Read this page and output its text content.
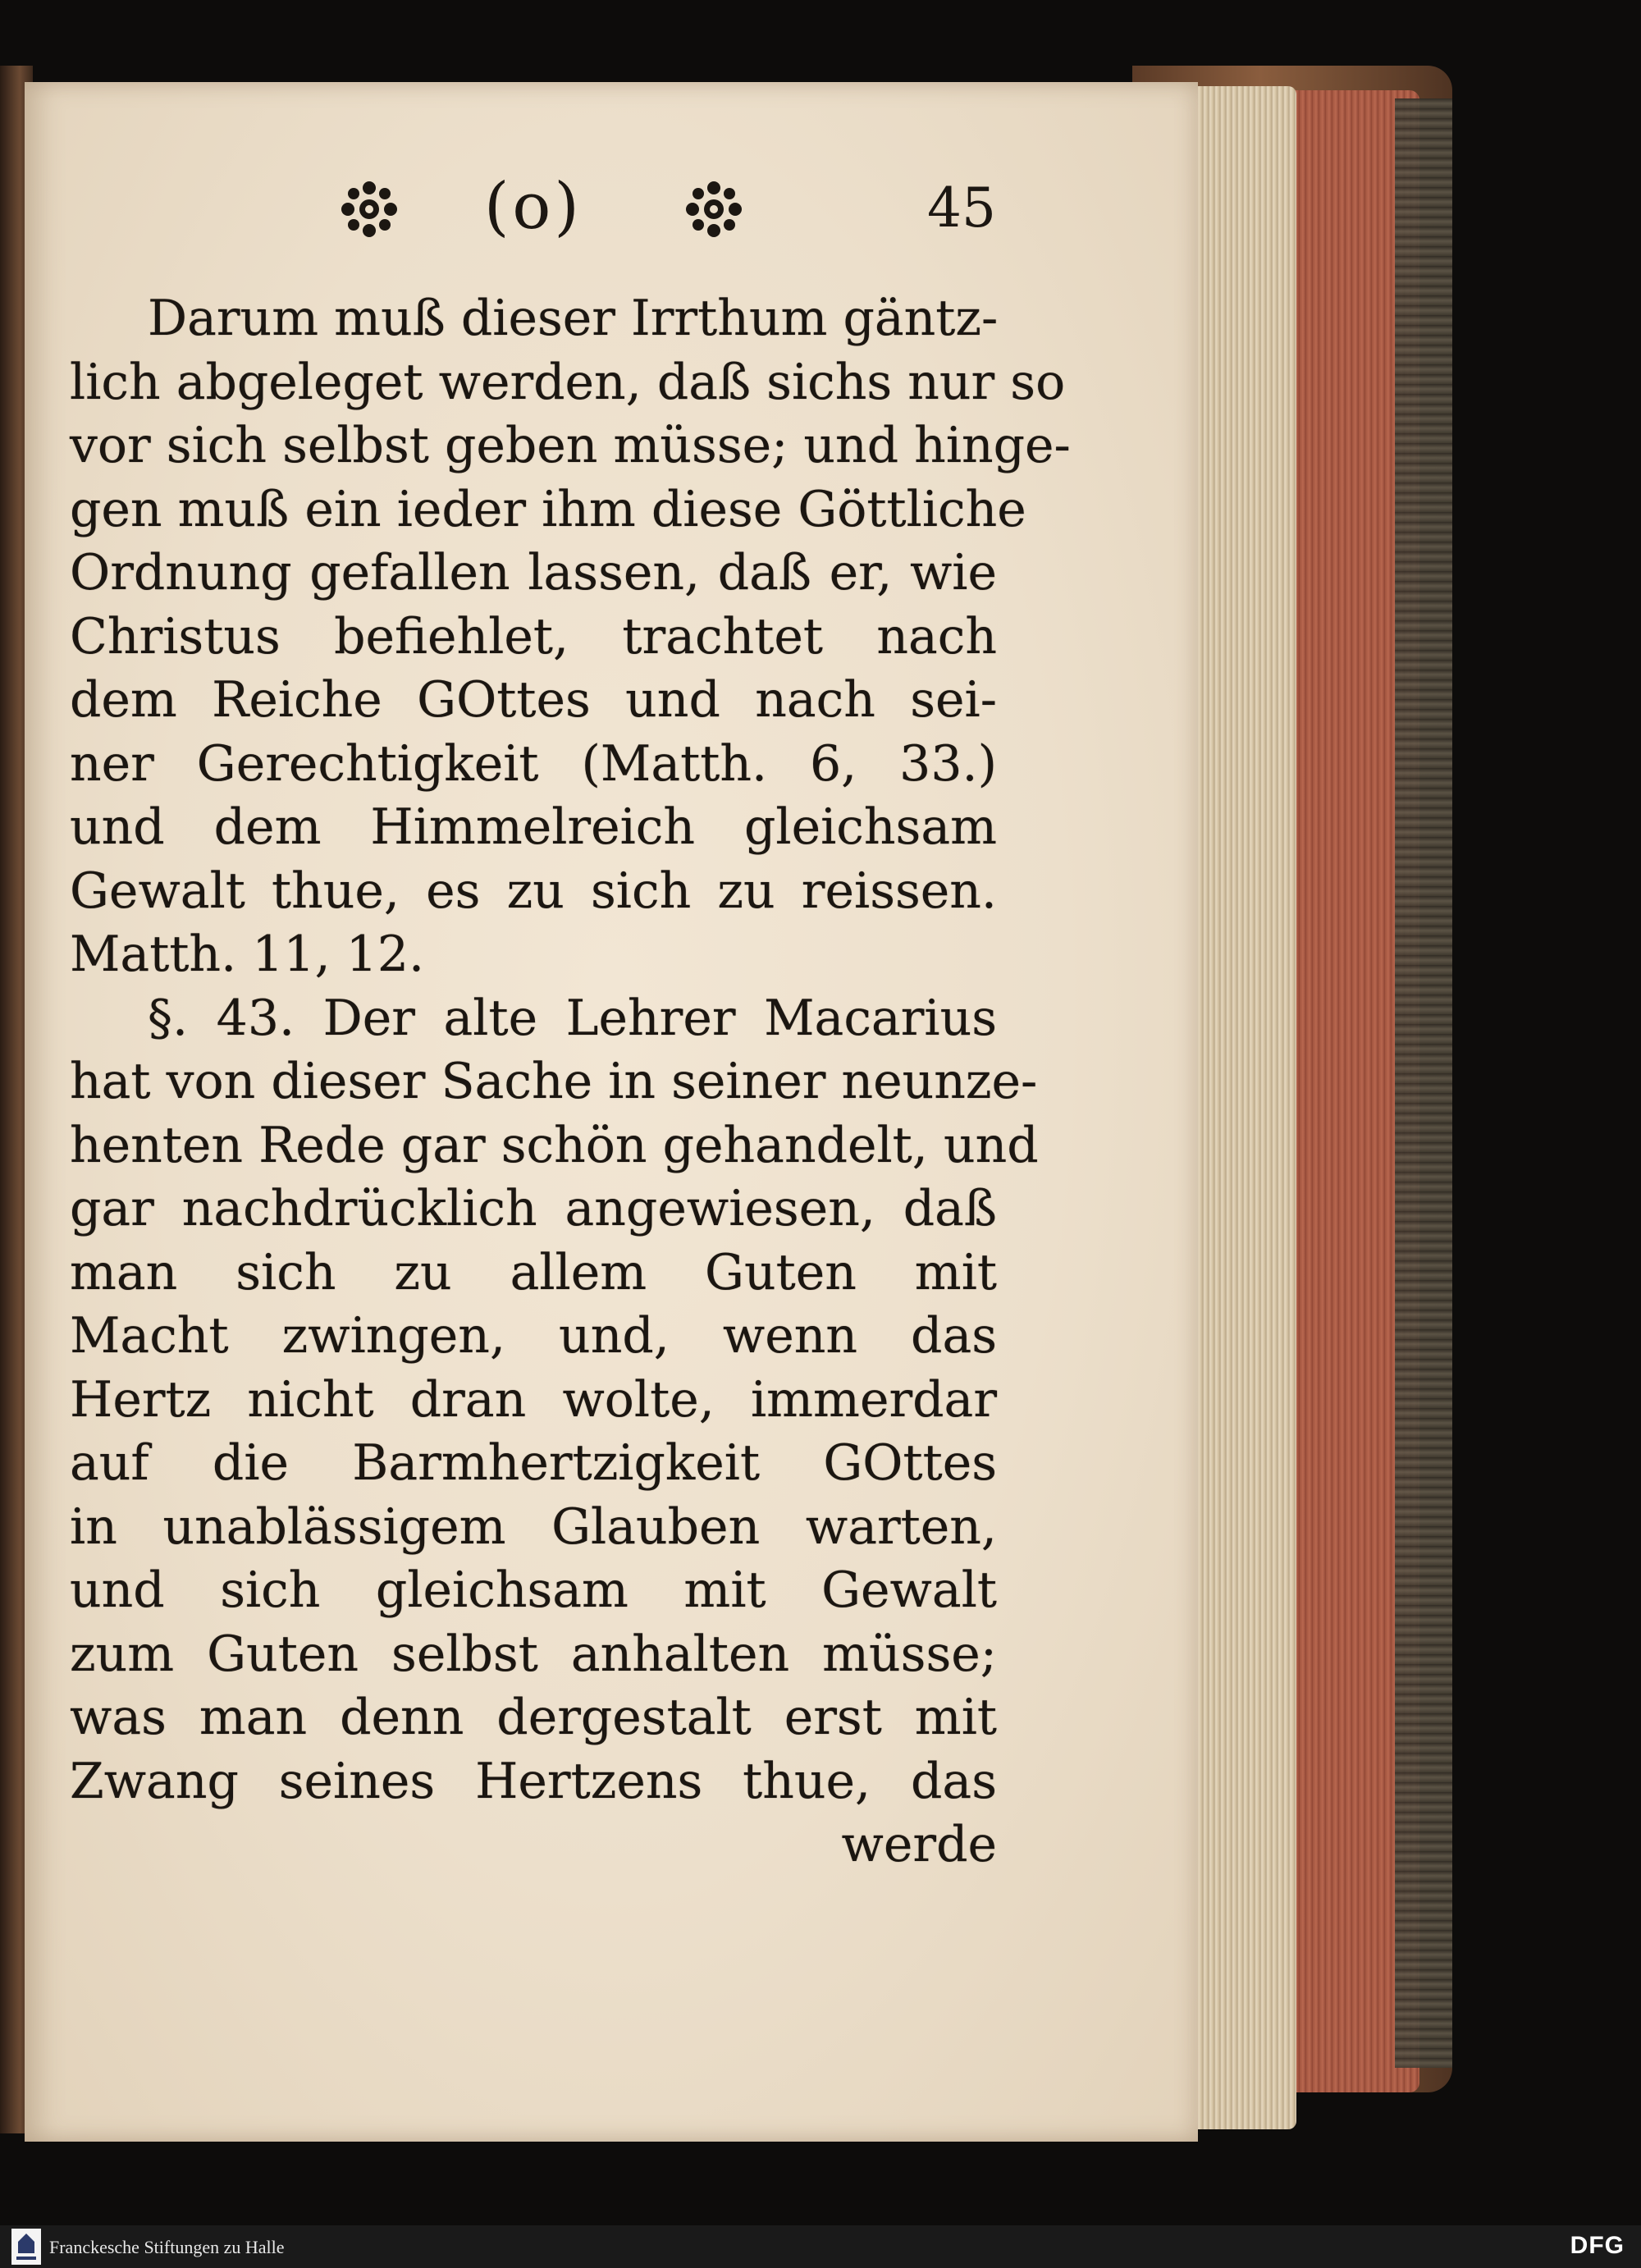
(o)	45
Darum muß dieser Irrthum gäntz-
lich abgeleget werden, daß sichs nur so
vor sich selbst geben müsse; und hinge-
gen muß ein ieder ihm diese Göttliche
Ordnung gefallen lassen, daß er, wie
Christus befiehlet, trachtet nach
dem Reiche GOttes und nach sei-
ner Gerechtigkeit (Matth. 6, 33.)
und dem Himmelreich gleichsam
Gewalt thue, es zu sich zu reissen.
Matth. 11, 12.
§. 43. Der alte Lehrer Macarius
hat von dieser Sache in seiner neunze-
henten Rede gar schön gehandelt, und
gar nachdrücklich angewiesen, daß
man sich zu allem Guten mit
Macht zwingen, und, wenn das
Hertz nicht dran wolte, immerdar
auf die Barmhertzigkeit GOttes
in unablässigem Glauben warten,
und sich gleichsam mit Gewalt
zum Guten selbst anhalten müsse;
was man denn dergestalt erst mit
Zwang seines Hertzens thue, das
werde
Franckesche Stiftungen zu Halle	DFG
